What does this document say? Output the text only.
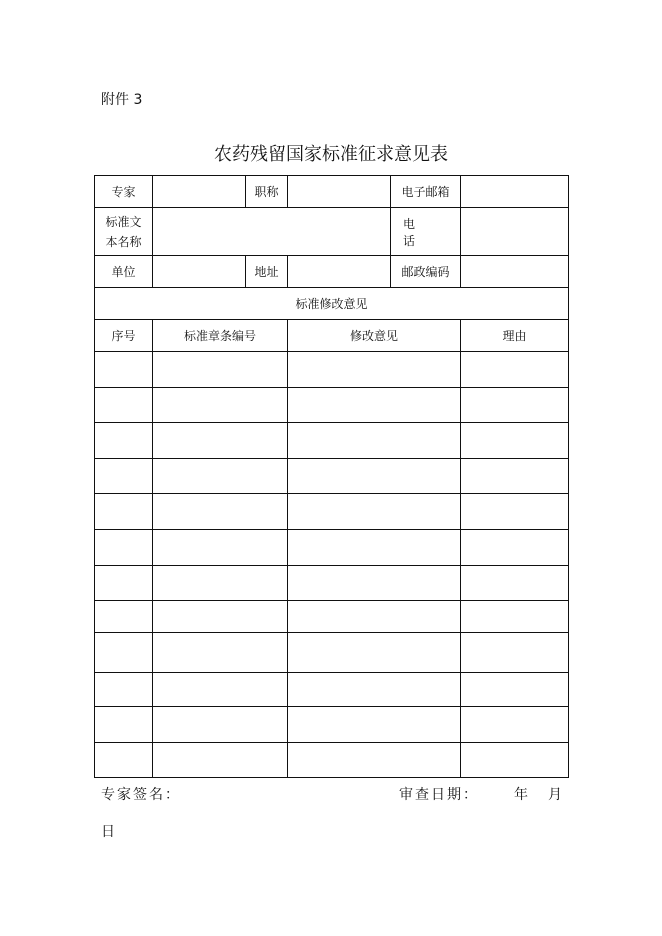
附件 3
农药残留国家标准征求意见表
专家		职称		电子邮箱	
标准文
本名称				电　　话	
单位		地址		邮政编码	
标准修改意见					
序号	标准章条编号		修改意见		理由

专家签名：	审查日期：	年 月
日
